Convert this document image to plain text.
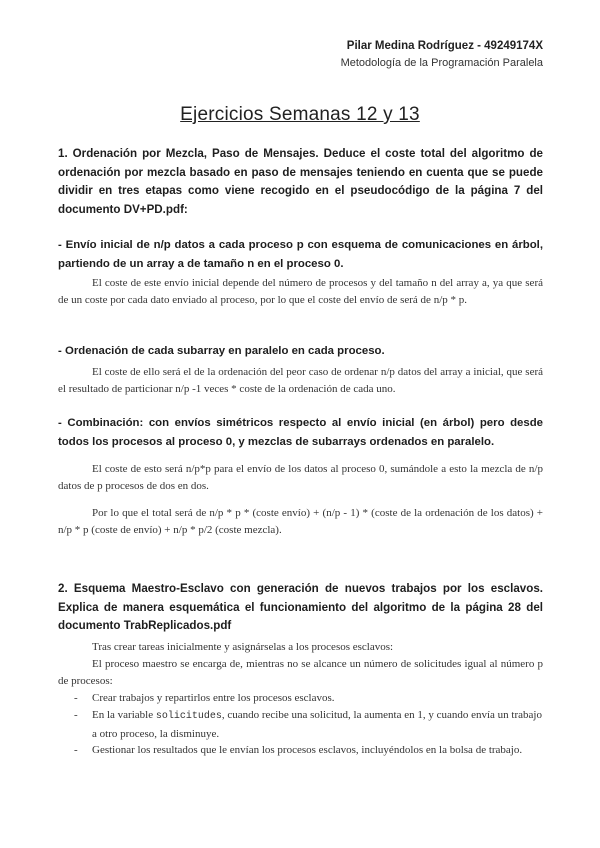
Pilar Medina Rodríguez - 49249174X
Metodología de la Programación Paralela
Ejercicios Semanas 12 y 13
1. Ordenación por Mezcla, Paso de Mensajes. Deduce el coste total del algoritmo de ordenación por mezcla basado en paso de mensajes teniendo en cuenta que se puede dividir en tres etapas como viene recogido en el pseudocódigo de la página 7 del documento DV+PD.pdf:
- Envío inicial de n/p datos a cada proceso p con esquema de comunicaciones en árbol, partiendo de un array a de tamaño n en el proceso 0.
El coste de este envío inicial depende del número de procesos y del tamaño n del array a, ya que será de un coste por cada dato enviado al proceso, por lo que el coste del envío de será de n/p * p.
- Ordenación de cada subarray en paralelo en cada proceso.
El coste de ello será el de la ordenación del peor caso de ordenar n/p datos del array a inicial, que será el resultado de particionar n/p -1 veces * coste de la ordenación de cada uno.
- Combinación: con envíos simétricos respecto al envío inicial (en árbol) pero desde todos los procesos al proceso 0, y mezclas de subarrays ordenados en paralelo.
El coste de esto será n/p*p para el envío de los datos al proceso 0, sumándole a esto la mezcla de n/p datos de p procesos de dos en dos.
Por lo que el total será de n/p * p * (coste envío) + (n/p - 1) * (coste de la ordenación de los datos) + n/p * p (coste de envío) + n/p * p/2 (coste mezcla).
2. Esquema Maestro-Esclavo con generación de nuevos trabajos por los esclavos. Explica de manera esquemática el funcionamiento del algoritmo de la página 28 del documento TrabReplicados.pdf
Tras crear tareas inicialmente y asignárselas a los procesos esclavos:
El proceso maestro se encarga de, mientras no se alcance un número de solicitudes igual al número p de procesos:
- Crear trabajos y repartirlos entre los procesos esclavos.
- En la variable solicitudes, cuando recibe una solicitud, la aumenta en 1, y cuando envía un trabajo a otro proceso, la disminuye.
- Gestionar los resultados que le envían los procesos esclavos, incluyéndolos en la bolsa de trabajo.
